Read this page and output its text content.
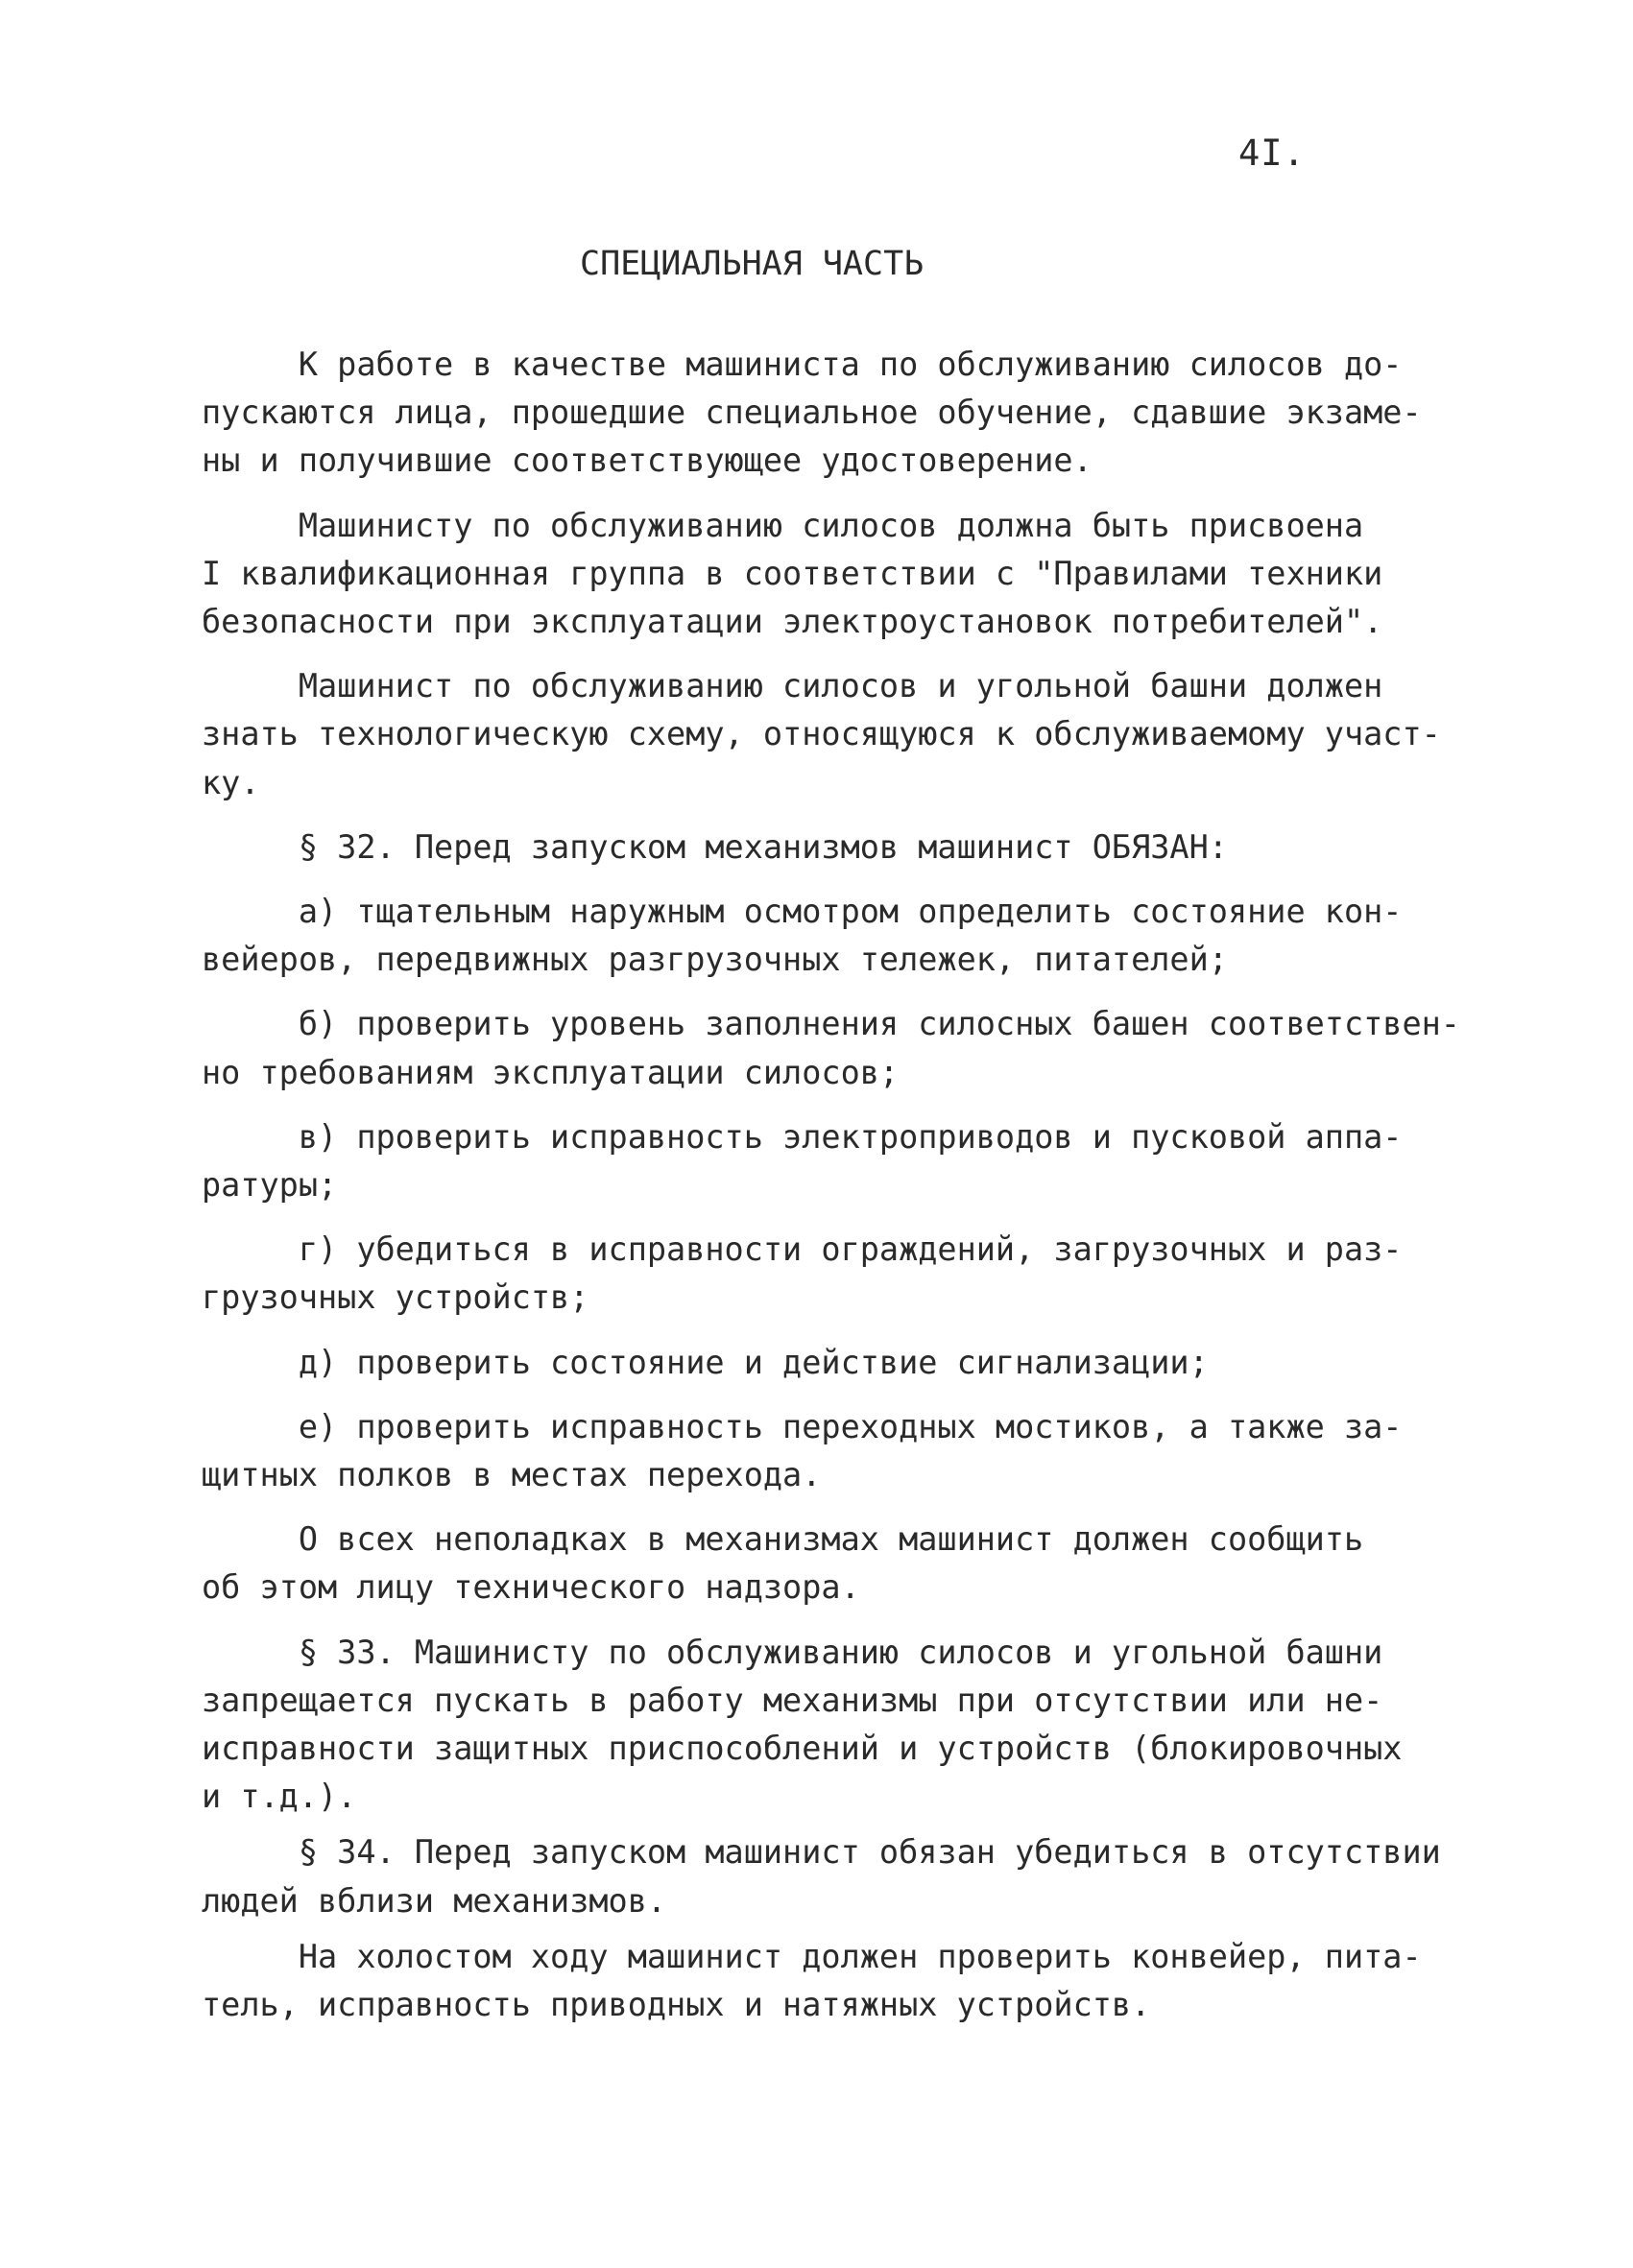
4I.
СПЕЦИАЛЬНАЯ ЧАСТЬ
К работе в качестве машиниста по обслуживанию силосов до-
пускаются лица, прошедшие специальное обучение, сдавшие экзаме-
ны и получившие соответствующее удостоверение.
Машинисту по обслуживанию силосов должна быть присвоена
I квалификационная группа в соответствии с "Правилами техники
безопасности при эксплуатации электроустановок потребителей".
Машинист по обслуживанию силосов и угольной башни должен
знать технологическую схему, относящуюся к обслуживаемому участ-
ку.
§ 32. Перед запуском механизмов машинист ОБЯЗАН:
а) тщательным наружным осмотром определить состояние кон-
вейеров, передвижных разгрузочных тележек, питателей;
б) проверить уровень заполнения силосных башен соответствен-
но требованиям эксплуатации силосов;
в) проверить исправность электроприводов и пусковой аппа-
ратуры;
г) убедиться в исправности ограждений, загрузочных и раз-
грузочных устройств;
д) проверить состояние и действие сигнализации;
е) проверить исправность переходных мостиков, а также за-
щитных полков в местах перехода.
О всех неполадках в механизмах машинист должен сообщить
об этом лицу технического надзора.
§ 33. Машинисту по обслуживанию силосов и угольной башни
запрещается пускать в работу механизмы при отсутствии или не-
исправности защитных приспособлений и устройств (блокировочных
и т.д.).
§ 34. Перед запуском машинист обязан убедиться в отсутствии
людей вблизи механизмов.
На холостом ходу машинист должен проверить конвейер, пита-
тель, исправность приводных и натяжных устройств.
